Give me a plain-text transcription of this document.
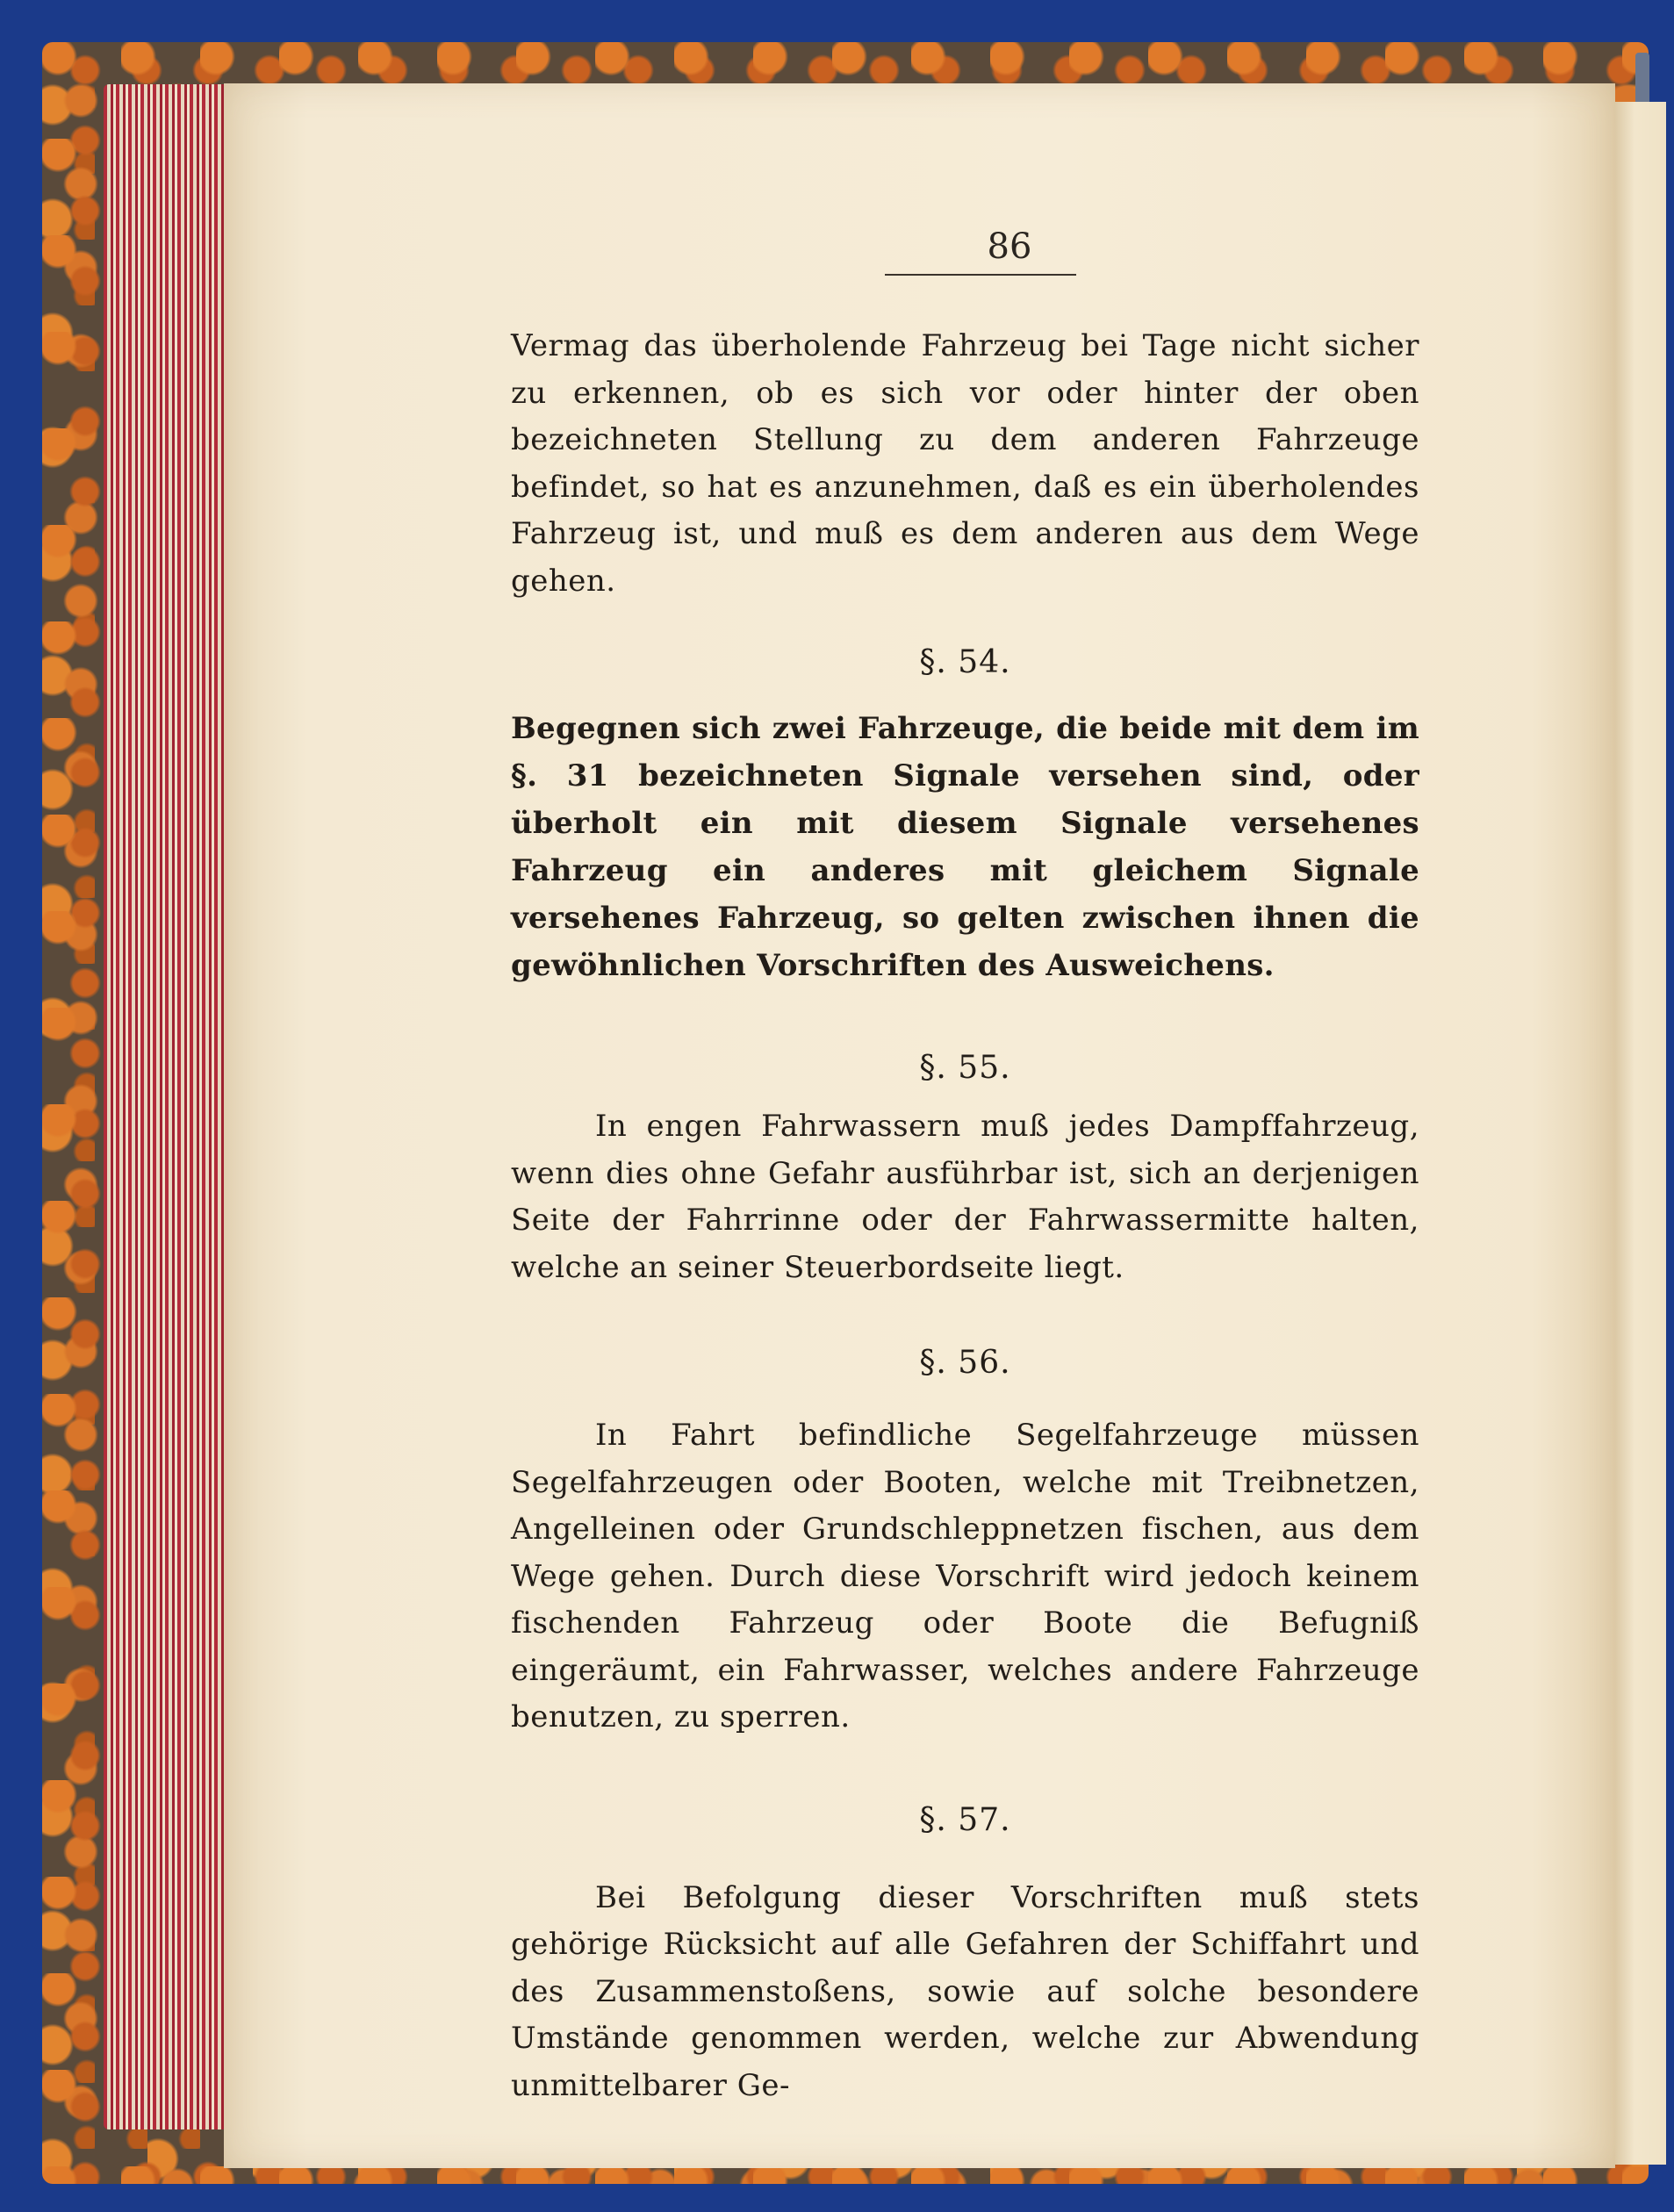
86

Vermag das überholende Fahrzeug bei Tage nicht sicher zu erkennen, ob es sich vor oder hinter der oben bezeichneten Stellung zu dem anderen Fahrzeuge befindet, so hat es anzunehmen, daß es ein überholendes Fahrzeug ist, und muß es dem anderen aus dem Wege gehen.

§. 54.

Begegnen sich zwei Fahrzeuge, die beide mit dem im §. 31 bezeichneten Signale versehen sind, oder überholt ein mit diesem Signale versehenes Fahrzeug ein anderes mit gleichem Signale versehenes Fahrzeug, so gelten zwischen ihnen die gewöhnlichen Vorschriften des Ausweichens.

§. 55.

In engen Fahrwassern muß jedes Dampffahrzeug, wenn dies ohne Gefahr ausführbar ist, sich an derjenigen Seite der Fahrrinne oder der Fahrwassermitte halten, welche an seiner Steuerbordseite liegt.

§. 56.

In Fahrt befindliche Segelfahrzeuge müssen Segelfahrzeugen oder Booten, welche mit Treibnetzen, Angelleinen oder Grundschleppnetzen fischen, aus dem Wege gehen. Durch diese Vorschrift wird jedoch keinem fischenden Fahrzeug oder Boote die Befugniß eingeräumt, ein Fahrwasser, welches andere Fahrzeuge benutzen, zu sperren.

§. 57.

Bei Befolgung dieser Vorschriften muß stets gehörige Rücksicht auf alle Gefahren der Schiffahrt und des Zusammenstoßens, sowie auf solche besondere Umstände genommen werden, welche zur Abwendung unmittelbarer Ge-
